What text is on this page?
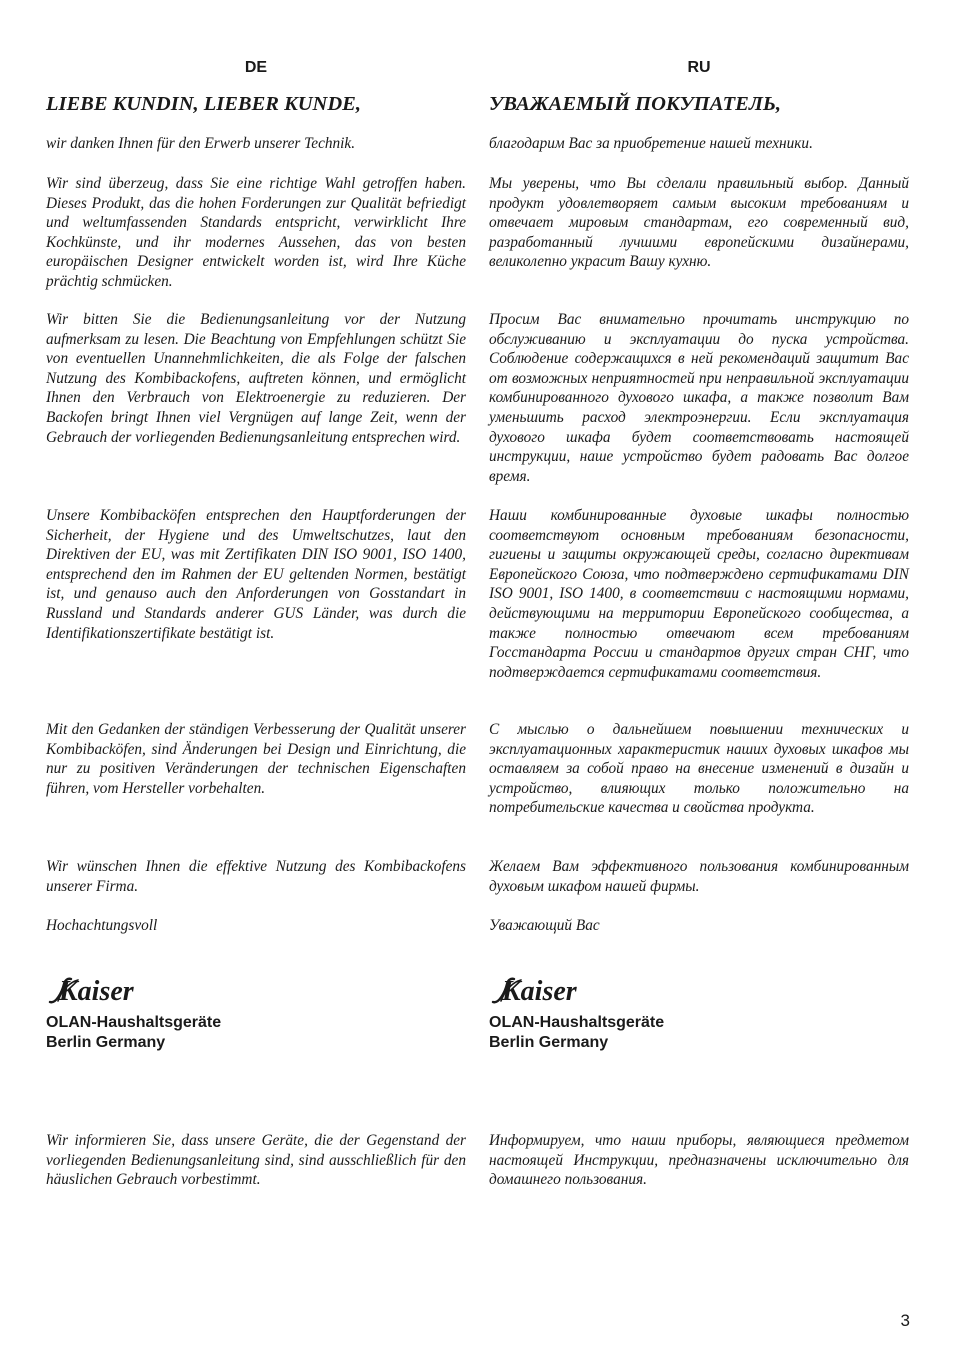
DE
LIEBE KUNDIN, LIEBER KUNDE,

wir danken Ihnen für den Erwerb unserer Technik.

Wir sind überzeug, dass Sie eine richtige Wahl getroffen haben. Dieses Produkt, das die hohen Forderungen zur Qualität befriedigt und weltumfassenden Standards entspricht, verwirklicht Ihre Kochkünste, und ihr modernes Aussehen, das von besten europäischen Designer entwickelt worden ist, wird Ihre Küche prächtig schmücken.

Wir bitten Sie die Bedienungsanleitung vor der Nutzung aufmerksam zu lesen. Die Beachtung von Empfehlungen schützt Sie von eventuellen Unannehmlichkeiten, die als Folge der falschen Nutzung des Kombibackofens, auftreten können, und ermöglicht Ihnen den Verbrauch von Elektroenergie zu reduzieren. Der Backofen bringt Ihnen viel Vergnügen auf lange Zeit, wenn der Gebrauch der vorliegenden Bedienungsanleitung entsprechen wird.

Unsere Kombibacköfen entsprechen den Hauptforderungen der Sicherheit, der Hygiene und des Umweltschutzes, laut den Direktiven der EU, was mit Zertifikaten DIN ISO 9001, ISO 1400, entsprechend den im Rahmen der EU geltenden Normen, bestätigt ist, und genauso auch den Anforderungen von Gosstandart in Russland und Standards anderer GUS Länder, was durch die Identifikationszertifikate bestätigt ist.

Mit den Gedanken der ständigen Verbesserung der Qualität unserer Kombibacköfen, sind Änderungen bei Design und Einrichtung, die nur zu positiven Veränderungen der technischen Eigenschaften führen, vom Hersteller vorbehalten.

Wir wünschen Ihnen die effektive Nutzung des Kombibackofens unserer Firma.

Hochachtungsvoll

Kaiser
OLAN-Haushaltsgeräte
Berlin Germany

Wir informieren Sie, dass unsere Geräte, die der Gegenstand der vorliegenden Bedienungsanleitung sind, sind ausschließlich für den häuslichen Gebrauch vorbestimmt.

RU
УВАЖАЕМЫЙ ПОКУПАТЕЛЬ,

благодарим Вас за приобретение нашей техники.

Мы уверены, что Вы сделали правильный выбор. Данный продукт удовлетворяет самым высоким требованиям и отвечает мировым стандартам, его современный вид, разработанный лучшими европейскими дизайнерами, великолепно украсит Вашу кухню.

Просим Вас внимательно прочитать инструкцию по обслуживанию и эксплуатации до пуска устройства. Соблюдение содержащихся в ней рекомендаций защитит Вас от возможных неприятностей при неправильной эксплуатации комбинированного духового шкафа, а также позволит Вам уменьшить расход электроэнергии. Если эксплуатация духового шкафа будет соответствовать настоящей инструкции, наше устройство будет радовать Вас долгое время.

Наши комбинированные духовые шкафы полностью соответствуют основным требованиям безопасности, гигиены и защиты окружающей среды, согласно директивам Европейского Союза, что подтверждено сертификатами DIN ISO 9001, ISO 1400, в соответствии с настоящими нормами, действующими на территории Европейского сообщества, а также полностью отвечают всем требованиям Госстандарта России и стандартов других стран СНГ, что подтверждается сертификатами соответствия.

С мыслью о дальнейшем повышении технических и эксплуатационных характеристик наших духовых шкафов мы оставляем за собой право на внесение изменений в дизайн и устройство, влияющих только положительно на потребительские качества и свойства продукта.

Желаем Вам эффективного пользования комбинированным духовым шкафом нашей фирмы.

Уважающий Вас

Kaiser
OLAN-Haushaltsgeräte
Berlin Germany

Информируем, что наши приборы, являющиеся предметом настоящей Инструкции, предназначены исключительно для домашнего пользования.

3
